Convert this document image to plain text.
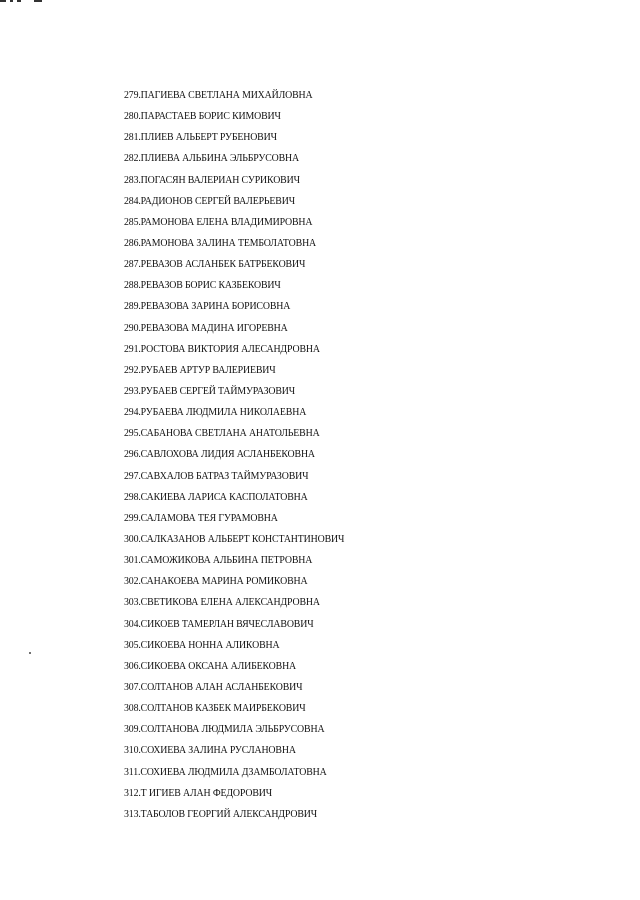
279.ПАГИЕВА СВЕТЛАНА МИХАЙЛОВНА
280.ПАРАСТАЕВ БОРИС КИМОВИЧ
281.ПЛИЕВ АЛЬБЕРТ РУБЕНОВИЧ
282.ПЛИЕВА АЛЬБИНА ЭЛЬБРУСОВНА
283.ПОГАСЯН ВАЛЕРИАН СУРИКОВИЧ
284.РАДИОНОВ СЕРГЕЙ ВАЛЕРЬЕВИЧ
285.РАМОНОВА ЕЛЕНА ВЛАДИМИРОВНА
286.РАМОНОВА ЗАЛИНА ТЕМБОЛАТОВНА
287.РЕВАЗОВ АСЛАНБЕК БАТРБЕКОВИЧ
288.РЕВАЗОВ БОРИС КАЗБЕКОВИЧ
289.РЕВАЗОВА ЗАРИНА БОРИСОВНА
290.РЕВАЗОВА МАДИНА ИГОРЕВНА
291.РОСТОВА ВИКТОРИЯ АЛЕСАНДРОВНА
292.РУБАЕВ АРТУР ВАЛЕРИЕВИЧ
293.РУБАЕВ СЕРГЕЙ ТАЙМУРАЗОВИЧ
294.РУБАЕВА ЛЮДМИЛА НИКОЛАЕВНА
295.САБАНОВА СВЕТЛАНА АНАТОЛЬЕВНА
296.САВЛОХОВА ЛИДИЯ АСЛАНБЕКОВНА
297.САВХАЛОВ БАТРАЗ ТАЙМУРАЗОВИЧ
298.САКИЕВА ЛАРИСА КАСПОЛАТОВНА
299.САЛАМОВА ТЕЯ ГУРАМОВНА
300.САЛКАЗАНОВ АЛЬБЕРТ КОНСТАНТИНОВИЧ
301.САМОЖИКОВА АЛЬБИНА ПЕТРОВНА
302.САНАКОЕВА МАРИНА РОМИКОВНА
303.СВЕТИКОВА ЕЛЕНА АЛЕКСАНДРОВНА
304.СИКОЕВ ТАМЕРЛАН ВЯЧЕСЛАВОВИЧ
305.СИКОЕВА НОННА АЛИКОВНА
306.СИКОЕВА ОКСАНА АЛИБЕКОВНА
307.СОЛТАНОВ АЛАН АСЛАНБЕКОВИЧ
308.СОЛТАНОВ КАЗБЕК МАИРБЕКОВИЧ
309.СОЛТАНОВА ЛЮДМИЛА ЭЛЬБРУСОВНА
310.СОХИЕВА ЗАЛИНА РУСЛАНОВНА
311.СОХИЕВА ЛЮДМИЛА ДЗАМБОЛАТОВНА
312.Т ИГИЕВ АЛАН ФЕДОРОВИЧ
313.ТАБОЛОВ ГЕОРГИЙ АЛЕКСАНДРОВИЧ
